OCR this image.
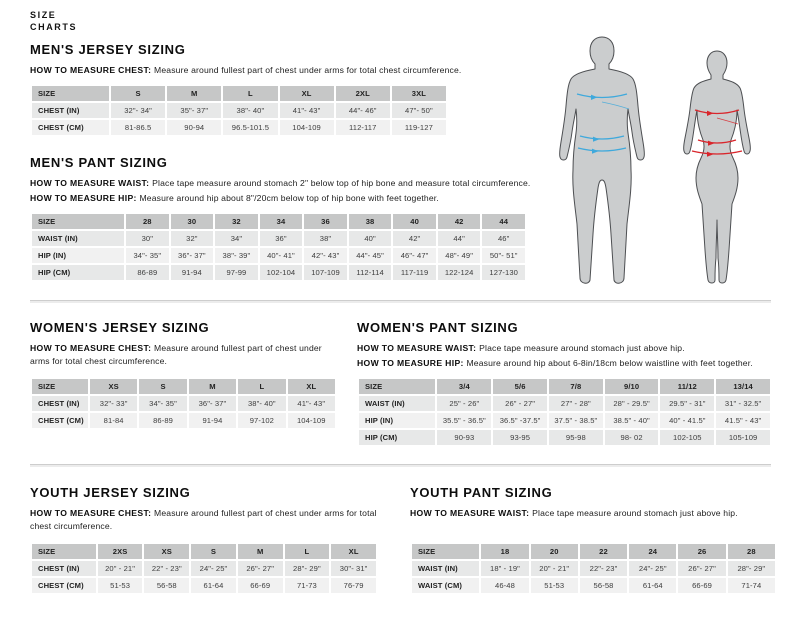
SIZE
CHARTS
MEN'S JERSEY SIZING

HOW TO MEASURE CHEST: Measure around fullest part of chest under arms for total chest circumference.

SIZE	S	M	L	XL	2XL	3XL
CHEST (IN)	32"- 34"	35"- 37"	38"- 40"	41"- 43"	44"- 46"	47"- 50"
CHEST (CM)	81-86.5	90-94	96.5-101.5	104-109	112-117	119-127
MEN'S PANT SIZING

HOW TO MEASURE WAIST: Place tape measure around stomach 2" below top of hip bone and measure total circumference.

HOW TO MEASURE HIP: Measure around hip about 8"/20cm below top of hip bone with feet together.

SIZE	28	30	32	34	36	38	40	42	44
WAIST (IN)	30"	32"	34"	36"	38"	40"	42"	44"	46"
HIP (IN)	34"- 35"	36"- 37"	38"- 39"	40"- 41"	42"- 43"	44"- 45"	46"- 47"	48"- 49"	50"- 51"
HIP (CM)	86-89	91-94	97-99	102-104	107-109	112-114	117-119	122-124	127-130
WOMEN'S JERSEY SIZING

HOW TO MEASURE CHEST: Measure around fullest part of chest under arms for total chest circumference.

SIZE	XS	S	M	L	XL
CHEST (IN)	32"- 33"	34"- 35"	36"- 37"	38"- 40"	41"- 43"
CHEST (CM)	81-84	86-89	91-94	97-102	104-109
WOMEN'S PANT SIZING

HOW TO MEASURE WAIST: Place tape measure around stomach just above hip.

HOW TO MEASURE HIP: Measure around hip about 6-8in/18cm below waistline with feet together.

SIZE	3/4	5/6	7/8	9/10	11/12	13/14
WAIST (IN)	25" - 26"	26" - 27"	27" - 28"	28" - 29.5"	29.5" - 31"	31" - 32.5"
HIP (IN)	35.5" - 36.5"	36.5" -37.5"	37.5" - 38.5"	38.5" - 40"	40" - 41.5"	41.5" - 43"
HIP (CM)	90-93	93-95	95-98	98- 02	102-105	105-109
YOUTH JERSEY SIZING

HOW TO MEASURE CHEST: Measure around fullest part of chest under arms for total chest circumference.

SIZE	2XS	XS	S	M	L	XL
CHEST (IN)	20" - 21"	22" - 23"	24"- 25"	26"- 27"	28"- 29"	30"- 31"
CHEST (CM)	51-53	56-58	61-64	66-69	71-73	76-79
YOUTH PANT SIZING

HOW TO MEASURE WAIST: Place tape measure around stomach just above hip.

SIZE	18	20	22	24	26	28
WAIST (IN)	18" - 19"	20" - 21"	22"- 23"	24"- 25"	26"- 27"	28"- 29"
WAIST (CM)	46-48	51-53	56-58	61-64	66-69	71-74
